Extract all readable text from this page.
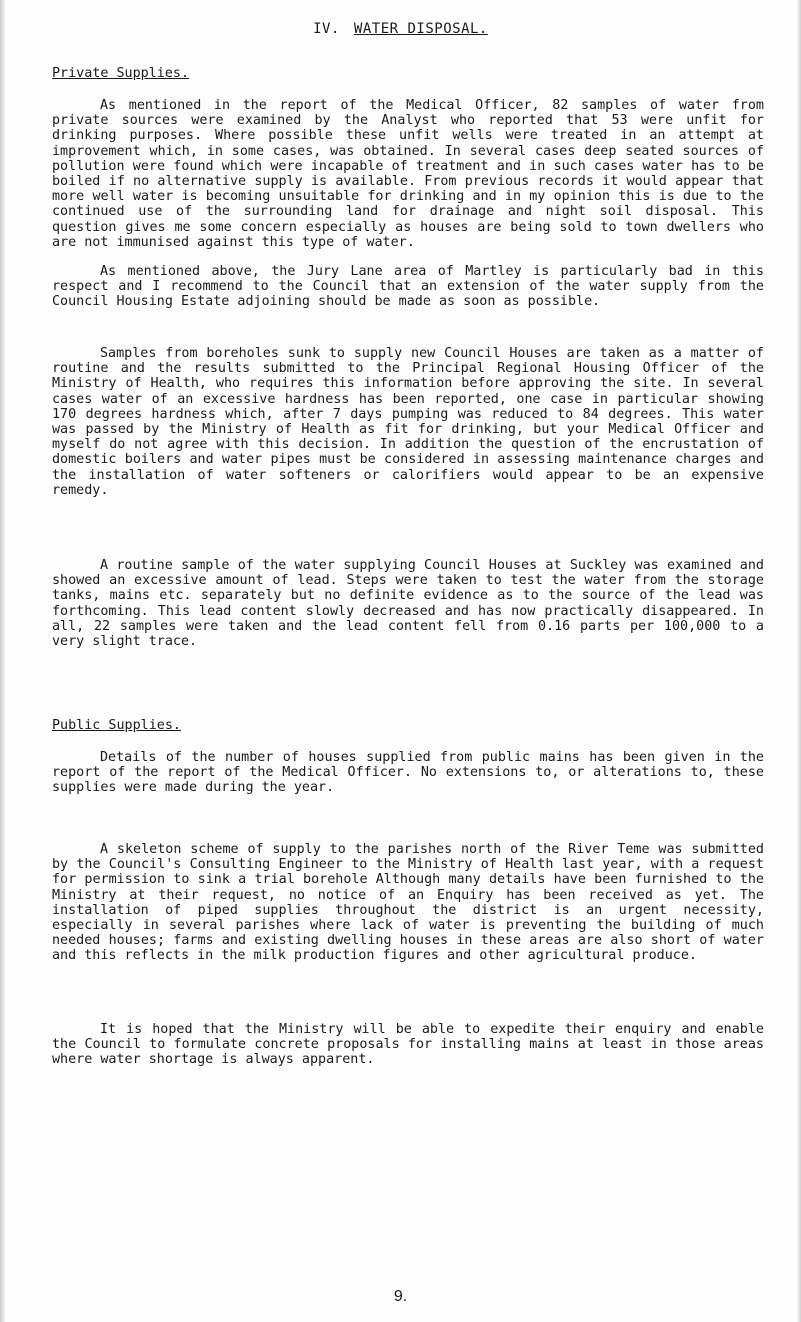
IV. WATER DISPOSAL.
Private Supplies.

As mentioned in the report of the Medical Officer, 82 samples of water from private sources were examined by the Analyst who reported that 53 were unfit for drinking purposes. Where possible these unfit wells were treated in an attempt at improvement which, in some cases, was obtained. In several cases deep seated sources of pollution were found which were incapable of treatment and in such cases water has to be boiled if no alternative supply is available. From previous records it would appear that more well water is becoming unsuitable for drinking and in my opinion this is due to the continued use of the surrounding land for drainage and night soil disposal. This question gives me some concern especially as houses are being sold to town dwellers who are not immunised against this type of water.

As mentioned above, the Jury Lane area of Martley is particularly bad in this respect and I recommend to the Council that an extension of the water supply from the Council Housing Estate adjoining should be made as soon as possible.

Samples from boreholes sunk to supply new Council Houses are taken as a matter of routine and the results submitted to the Principal Regional Housing Officer of the Ministry of Health, who requires this information before approving the site. In several cases water of an excessive hardness has been reported, one case in particular showing 170 degrees hardness which, after 7 days pumping was reduced to 84 degrees. This water was passed by the Ministry of Health as fit for drinking, but your Medical Officer and myself do not agree with this decision. In addition the question of the encrustation of domestic boilers and water pipes must be considered in assessing maintenance charges and the installation of water softeners or calorifiers would appear to be an expensive remedy.

A routine sample of the water supplying Council Houses at Suckley was examined and showed an excessive amount of lead. Steps were taken to test the water from the storage tanks, mains etc. separately but no definite evidence as to the source of the lead was forthcoming. This lead content slowly decreased and has now practically disappeared. In all, 22 samples were taken and the lead content fell from 0.16 parts per 100,000 to a very slight trace.

Public Supplies.

Details of the number of houses supplied from public mains has been given in the report of the report of the Medical Officer. No extensions to, or alterations to, these supplies were made during the year.

A skeleton scheme of supply to the parishes north of the River Teme was submitted by the Council's Consulting Engineer to the Ministry of Health last year, with a request for permission to sink a trial borehole Although many details have been furnished to the Ministry at their request, no notice of an Enquiry has been received as yet. The installation of piped supplies throughout the district is an urgent necessity, especially in several parishes where lack of water is preventing the building of much needed houses; farms and existing dwelling houses in these areas are also short of water and this reflects in the milk production figures and other agricultural produce.

It is hoped that the Ministry will be able to expedite their enquiry and enable the Council to formulate concrete proposals for installing mains at least in those areas where water shortage is always apparent.

9.
